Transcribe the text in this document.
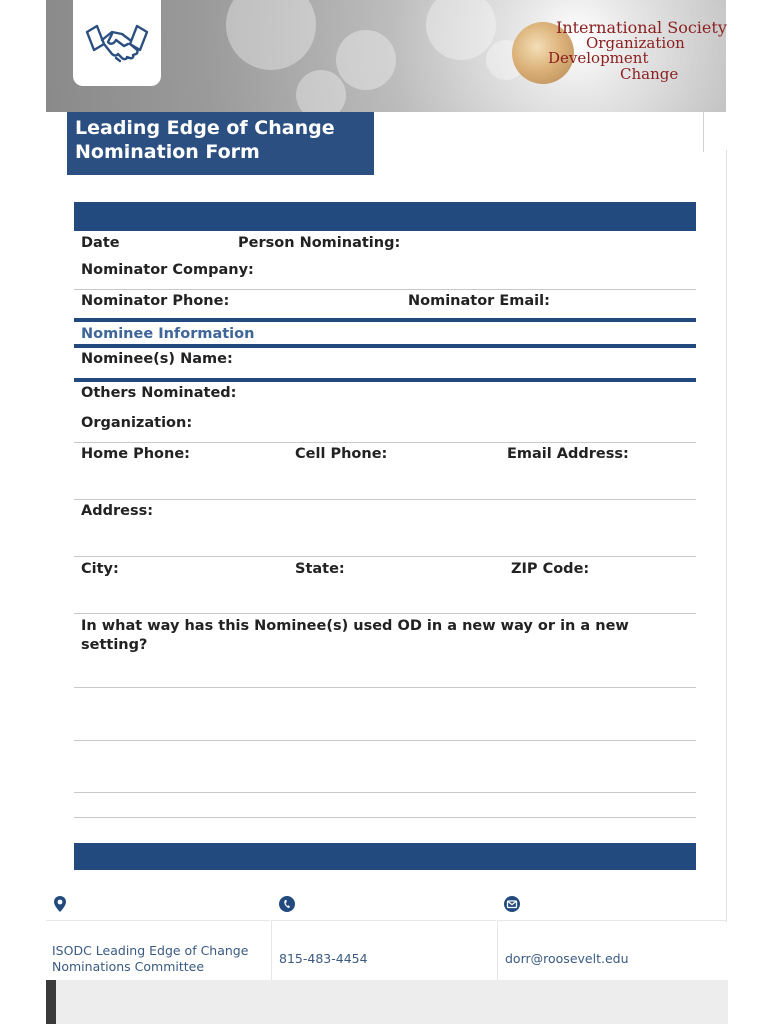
International Society
Organization
Development
Change
Leading Edge of Change
Nomination Form
Date	Person Nominating:
Nominator Company:
Nominator Phone:	Nominator Email:
Nominee Information
Nominee(s) Name:
Others Nominated:
Organization:
Home Phone:	Cell Phone:	Email Address:
Address:
City:	State:	ZIP Code:
In what way has this Nominee(s) used OD in a new way or in a new setting?
ISODC Leading Edge of Change
Nominations Committee
815-483-4454	dorr@roosevelt.edu
